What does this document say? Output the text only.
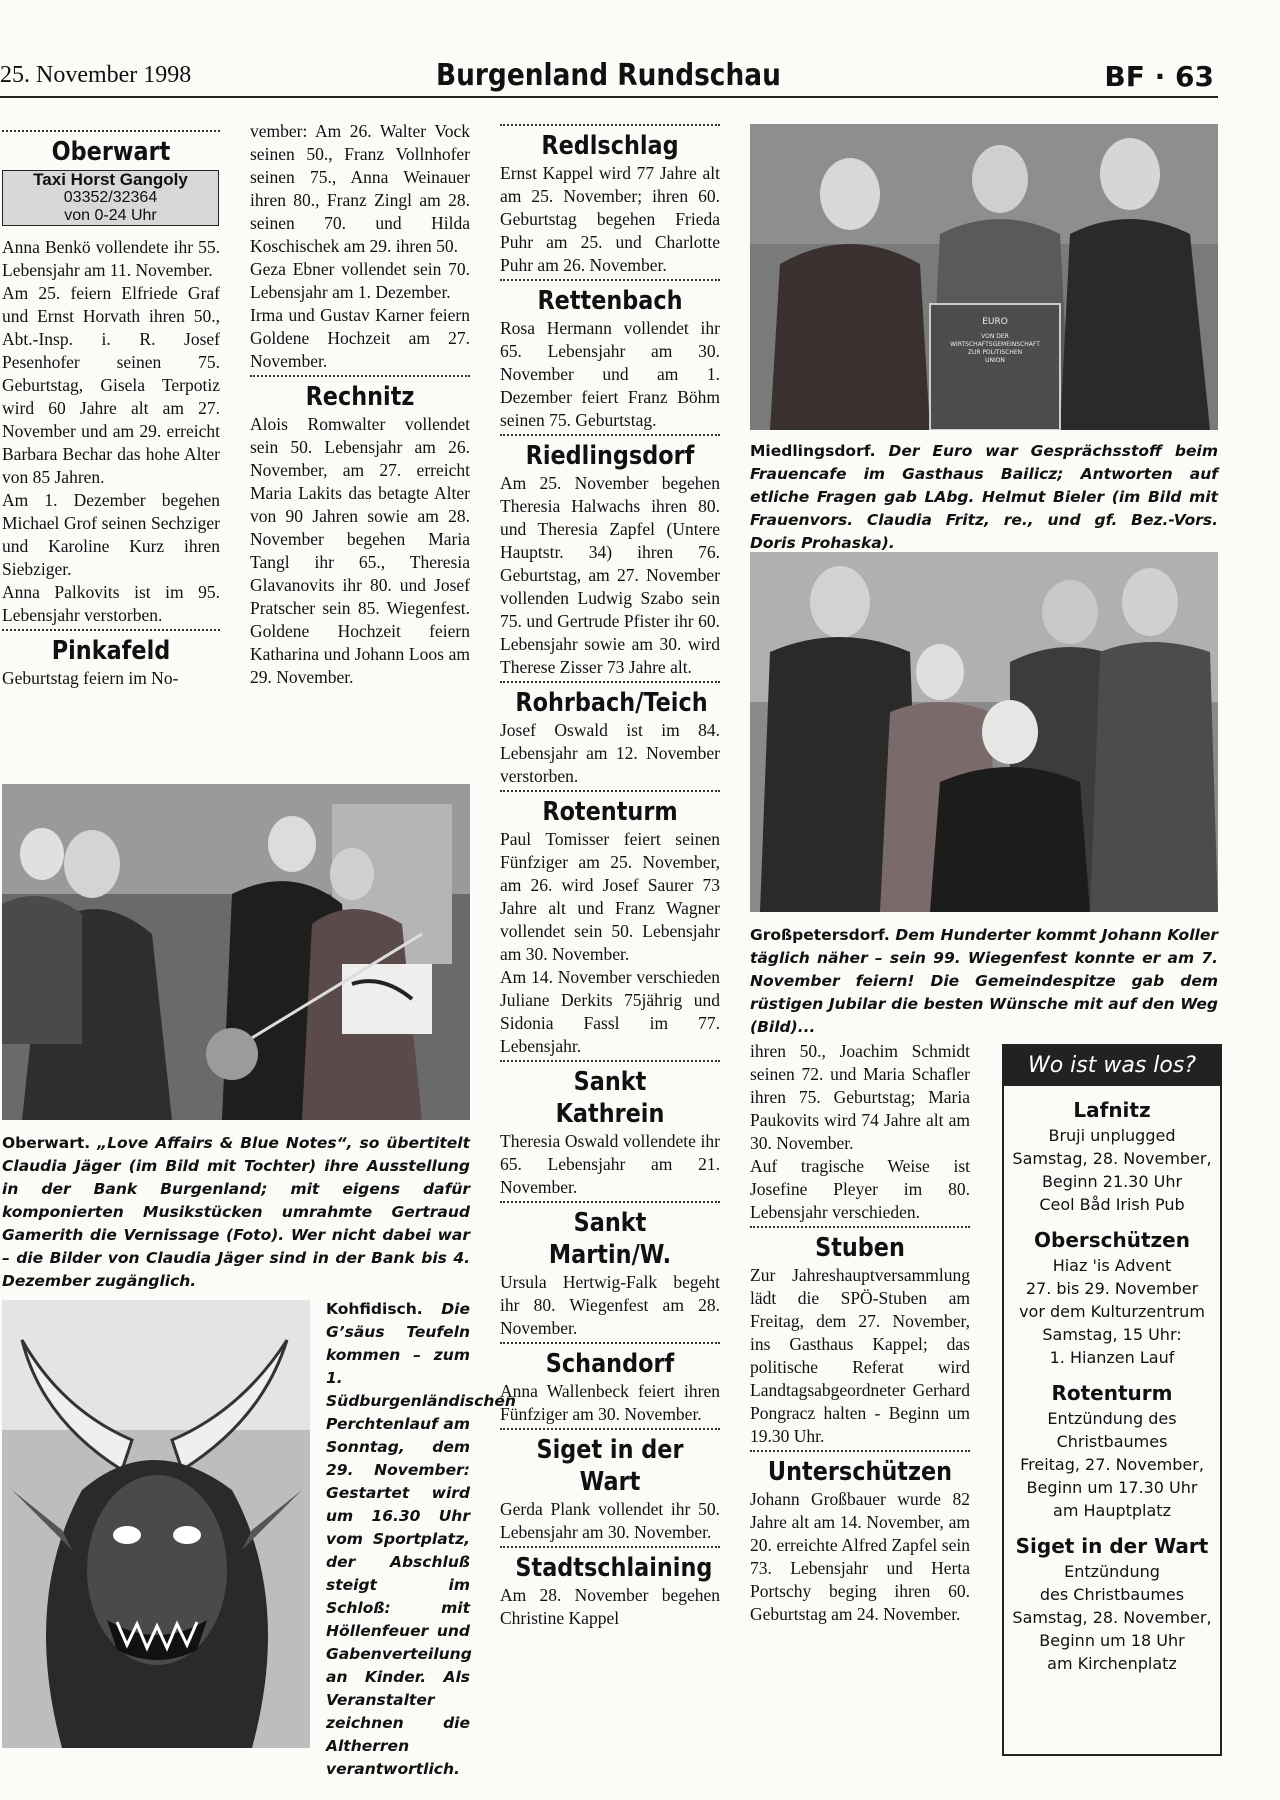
25. November 1998	Burgenland Rundschau	BF · 63
Oberwart
Taxi Horst Gangoly
03352/32364
von 0-24 Uhr

Anna Benkö vollendete ihr 55. Lebensjahr am 11. November.

Am 25. feiern Elfriede Graf und Ernst Horvath ihren 50., Abt.-Insp. i. R. Josef Pesenhofer seinen 75. Geburtstag, Gisela Terpotiz wird 60 Jahre alt am 27. November und am 29. erreicht Barbara Bechar das hohe Alter von 85 Jahren.

Am 1. Dezember begehen Michael Grof seinen Sechziger und Karoline Kurz ihren Siebziger.

Anna Palkovits ist im 95. Lebensjahr verstorben.

Pinkafeld

Geburtstag feiern im No-

vember: Am 26. Walter Vock seinen 50., Franz Vollnhofer seinen 75., Anna Weinauer ihren 80., Franz Zingl am 28. seinen 70. und Hilda Koschischek am 29. ihren 50.

Geza Ebner vollendet sein 70. Lebensjahr am 1. Dezember.

Irma und Gustav Karner feiern Goldene Hochzeit am 27. November.

Rechnitz

Alois Romwalter vollendet sein 50. Lebensjahr am 26. November, am 27. erreicht Maria Lakits das betagte Alter von 90 Jahren sowie am 28. November begehen Maria Tangl ihr 65., Theresia Glavanovits ihr 80. und Josef Pratscher sein 85. Wiegenfest. Goldene Hochzeit feiern Katharina und Johann Loos am 29. November.

Redlschlag

Ernst Kappel wird 77 Jahre alt am 25. November; ihren 60. Geburtstag begehen Frieda Puhr am 25. und Charlotte Puhr am 26. November.

Rettenbach

Rosa Hermann vollendet ihr 65. Lebensjahr am 30. November und am 1. Dezember feiert Franz Böhm seinen 75. Geburtstag.

Riedlingsdorf

Am 25. November begehen Theresia Halwachs ihren 80. und Theresia Zapfel (Untere Hauptstr. 34) ihren 76. Geburtstag, am 27. November vollenden Ludwig Szabo sein 75. und Gertrude Pfister ihr 60. Lebensjahr sowie am 30. wird Therese Zisser 73 Jahre alt.

Rohrbach/Teich

Josef Oswald ist im 84. Lebensjahr am 12. November verstorben.

Rotenturm

Paul Tomisser feiert seinen Fünfziger am 25. November, am 26. wird Josef Saurer 73 Jahre alt und Franz Wagner vollendet sein 50. Lebensjahr am 30. November.

Am 14. November verschieden Juliane Derkits 75jährig und Sidonia Fassl im 77. Lebensjahr.

Sankt Kathrein

Theresia Oswald vollendete ihr 65. Lebensjahr am 21. November.

Sankt Martin/W.

Ursula Hertwig-Falk begeht ihr 80. Wiegenfest am 28. November.

Schandorf

Anna Wallenbeck feiert ihren Fünfziger am 30. November.

Siget in der Wart

Gerda Plank vollendet ihr 50. Lebensjahr am 30. November.

Stadtschlaining

Am 28. November begehen Christine Kappel

ihren 50., Joachim Schmidt seinen 72. und Maria Schafler ihren 75. Geburtstag; Maria Paukovits wird 74 Jahre alt am 30. November.

Auf tragische Weise ist Josefine Pleyer im 80. Lebensjahr verschieden.

Stuben

Zur Jahreshauptversammlung lädt die SPÖ-Stuben am Freitag, dem 27. November, ins Gasthaus Kappel; das politische Referat wird Landtagsabgeordneter Gerhard Pongracz halten - Beginn um 19.30 Uhr.

Unterschützen

Johann Großbauer wurde 82 Jahre alt am 14. November, am 20. erreichte Alfred Zapfel sein 73. Lebensjahr und Herta Portschy beging ihren 60. Geburtstag am 24. November.

Oberwart. „Love Affairs & Blue Notes“, so übertitelt Claudia Jäger (im Bild mit Tochter) ihre Ausstellung in der Bank Burgenland; mit eigens dafür komponierten Musikstücken umrahmte Gertraud Gamerith die Vernissage (Foto). Wer nicht dabei war – die Bilder von Claudia Jäger sind in der Bank bis 4. Dezember zugänglich.
Kohfidisch. Die G’säus Teufeln kommen – zum 1. Südburgenländischen Perchtenlauf am Sonntag, dem 29. November: Gestartet wird um 16.30 Uhr vom Sportplatz, der Abschluß steigt im Schloß: mit Höllenfeuer und Gabenverteilung an Kinder. Als Veranstalter zeichnen die Altherren verantwortlich.
EURO
VON DER
WIRTSCHAFTSGEMEINSCHAFT
ZUR POLITISCHEN
UNION
Miedlingsdorf. Der Euro war Gesprächsstoff beim Frauencafe im Gasthaus Bailicz; Antworten auf etliche Fragen gab LAbg. Helmut Bieler (im Bild mit Frauenvors. Claudia Fritz, re., und gf. Bez.-Vors. Doris Prohaska).
Großpetersdorf. Dem Hunderter kommt Johann Koller täglich näher – sein 99. Wiegenfest konnte er am 7. November feiern! Die Gemeindespitze gab dem rüstigen Jubilar die besten Wünsche mit auf den Weg (Bild)...
Wo ist was los?
Lafnitz
Bruji unplugged
Samstag, 28. November,
Beginn 21.30 Uhr
Ceol Båd Irish Pub
Oberschützen
Hiaz 'is Advent
27. bis 29. November
vor dem Kulturzentrum
Samstag, 15 Uhr:
1. Hianzen Lauf
Rotenturm
Entzündung des
Christbaumes
Freitag, 27. November,
Beginn um 17.30 Uhr
am Hauptplatz
Siget in der Wart
Entzündung
des Christbaumes
Samstag, 28. November,
Beginn um 18 Uhr
am Kirchenplatz
